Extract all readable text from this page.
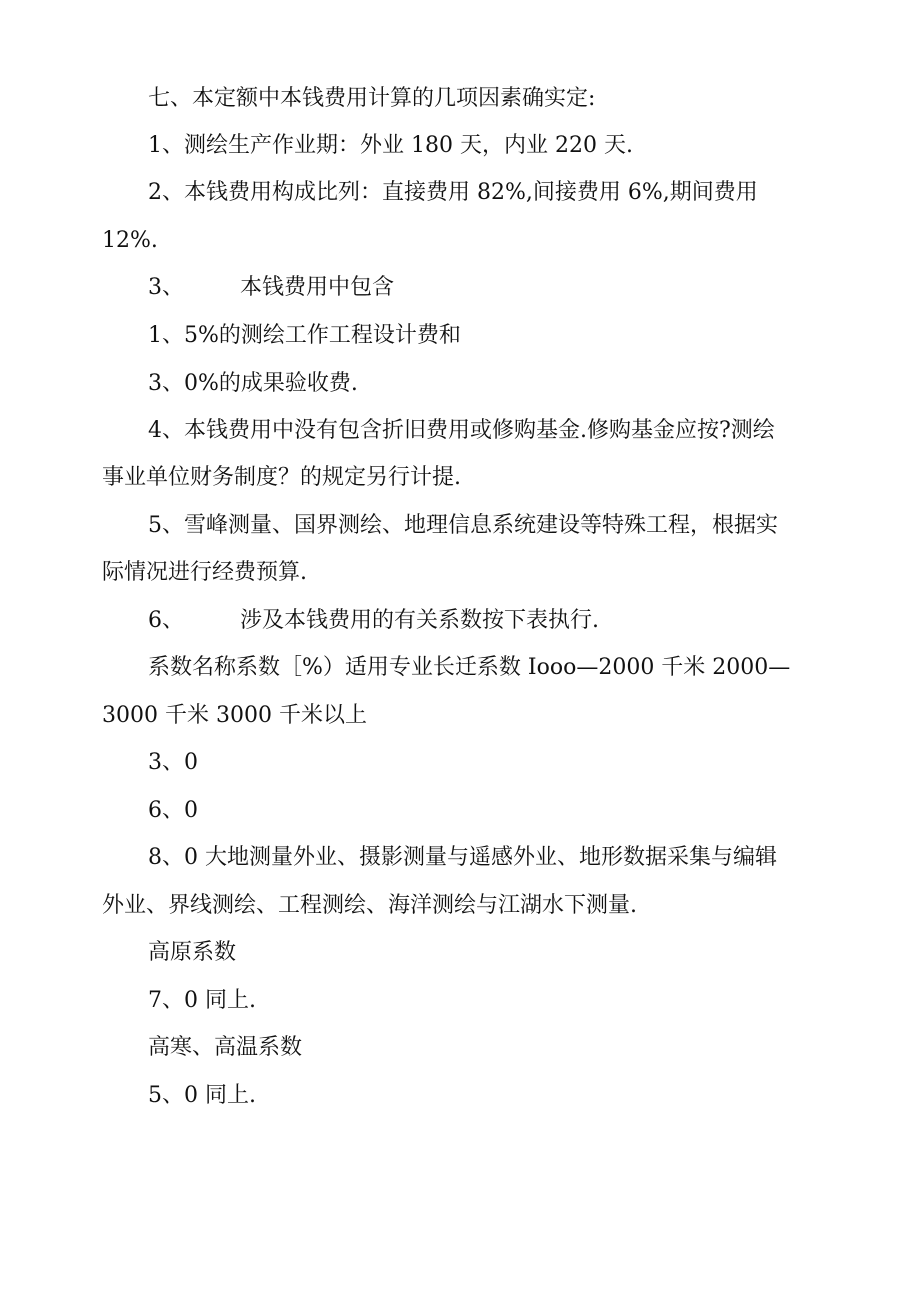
七、本定额中本钱费用计算的几项因素确实定:
1、测绘生产作业期：外业 180 天，内业 220 天.
2、本钱费用构成比列：直接费用 82%,间接费用 6%,期间费用
12%.
3、	本钱费用中包含
1、5%的测绘工作工程设计费和
3、0%的成果验收费.
4、本钱费用中没有包含折旧费用或修购基金.修购基金应按?测绘
事业单位财务制度？的规定另行计提.
5、雪峰测量、国界测绘、地理信息系统建设等特殊工程，根据实
际情况进行经费预算.
6、	涉及本钱费用的有关系数按下表执行.
系数名称系数［%）适用专业长迁系数 Iooo—2000 千米 2000—
3000 千米 3000 千米以上
3、0
6、0
8、0 大地测量外业、摄影测量与遥感外业、地形数据采集与编辑
外业、界线测绘、工程测绘、海洋测绘与江湖水下测量.
高原系数
7、0 同上.
高寒、高温系数
5、0 同上.
